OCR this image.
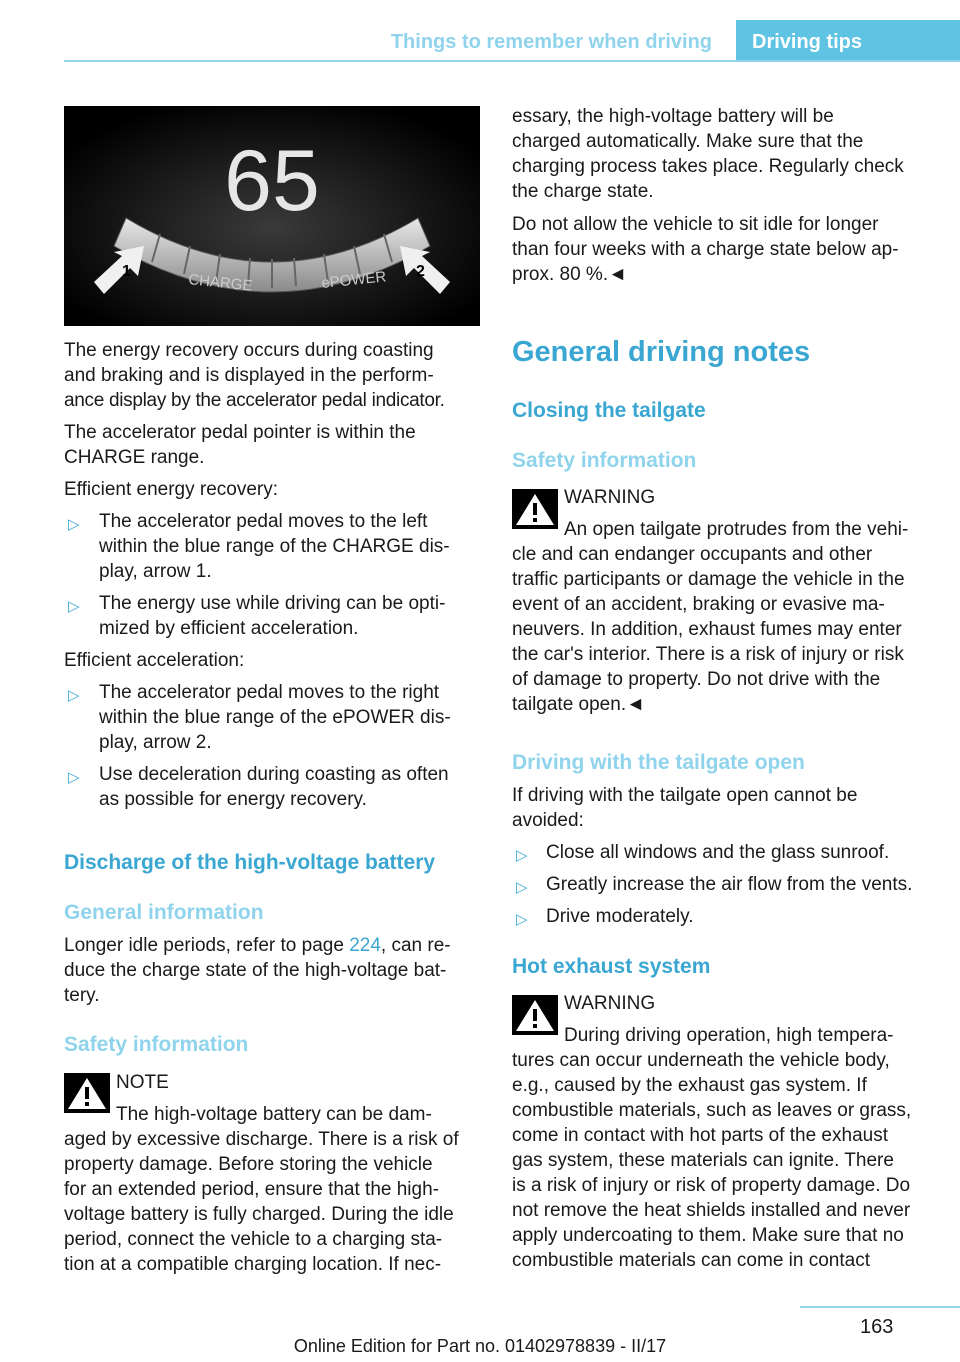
Things to remember when driving Driving tips
65
CHARGE	ePOWER
1	2

The energy recovery occurs during coasting
and braking and is displayed in the perform‐
ance display by the accelerator pedal indicator.

The accelerator pedal pointer is within the
CHARGE range.

Efficient energy recovery:

▷ The accelerator pedal moves to the left
within the blue range of the CHARGE dis‐
play, arrow 1.

▷ The energy use while driving can be opti‐
mized by efficient acceleration.

Efficient acceleration:

▷ The accelerator pedal moves to the right
within the blue range of the ePOWER dis‐
play, arrow 2.

▷ Use deceleration during coasting as often
as possible for energy recovery.

Discharge of the high-voltage battery
General information

Longer idle periods, refer to page 224, can re‐
duce the charge state of the high-voltage bat‐
tery.

Safety information

NOTE

The high-voltage battery can be dam‐

aged by excessive discharge. There is a risk of
property damage. Before storing the vehicle
for an extended period, ensure that the high-
voltage battery is fully charged. During the idle
period, connect the vehicle to a charging sta‐
tion at a compatible charging location. If nec‐

essary, the high-voltage battery will be
charged automatically. Make sure that the
charging process takes place. Regularly check
the charge state.

Do not allow the vehicle to sit idle for longer
than four weeks with a charge state below ap‐
prox. 80 %.◄

General driving notes
Closing the tailgate
Safety information

WARNING

An open tailgate protrudes from the vehi‐

cle and can endanger occupants and other
traffic participants or damage the vehicle in the
event of an accident, braking or evasive ma‐
neuvers. In addition, exhaust fumes may enter
the car's interior. There is a risk of injury or risk
of damage to property. Do not drive with the
tailgate open.◄

Driving with the tailgate open

If driving with the tailgate open cannot be
avoided:

▷ Close all windows and the glass sunroof.

▷ Greatly increase the air flow from the vents.

▷ Drive moderately.

Hot exhaust system

WARNING

During driving operation, high tempera‐

tures can occur underneath the vehicle body,
e.g., caused by the exhaust gas system. If
combustible materials, such as leaves or grass,
come in contact with hot parts of the exhaust
gas system, these materials can ignite. There
is a risk of injury or risk of property damage. Do
not remove the heat shields installed and never
apply undercoating to them. Make sure that no
combustible materials can come in contact

163
Online Edition for Part no. 01402978839 - II/17
